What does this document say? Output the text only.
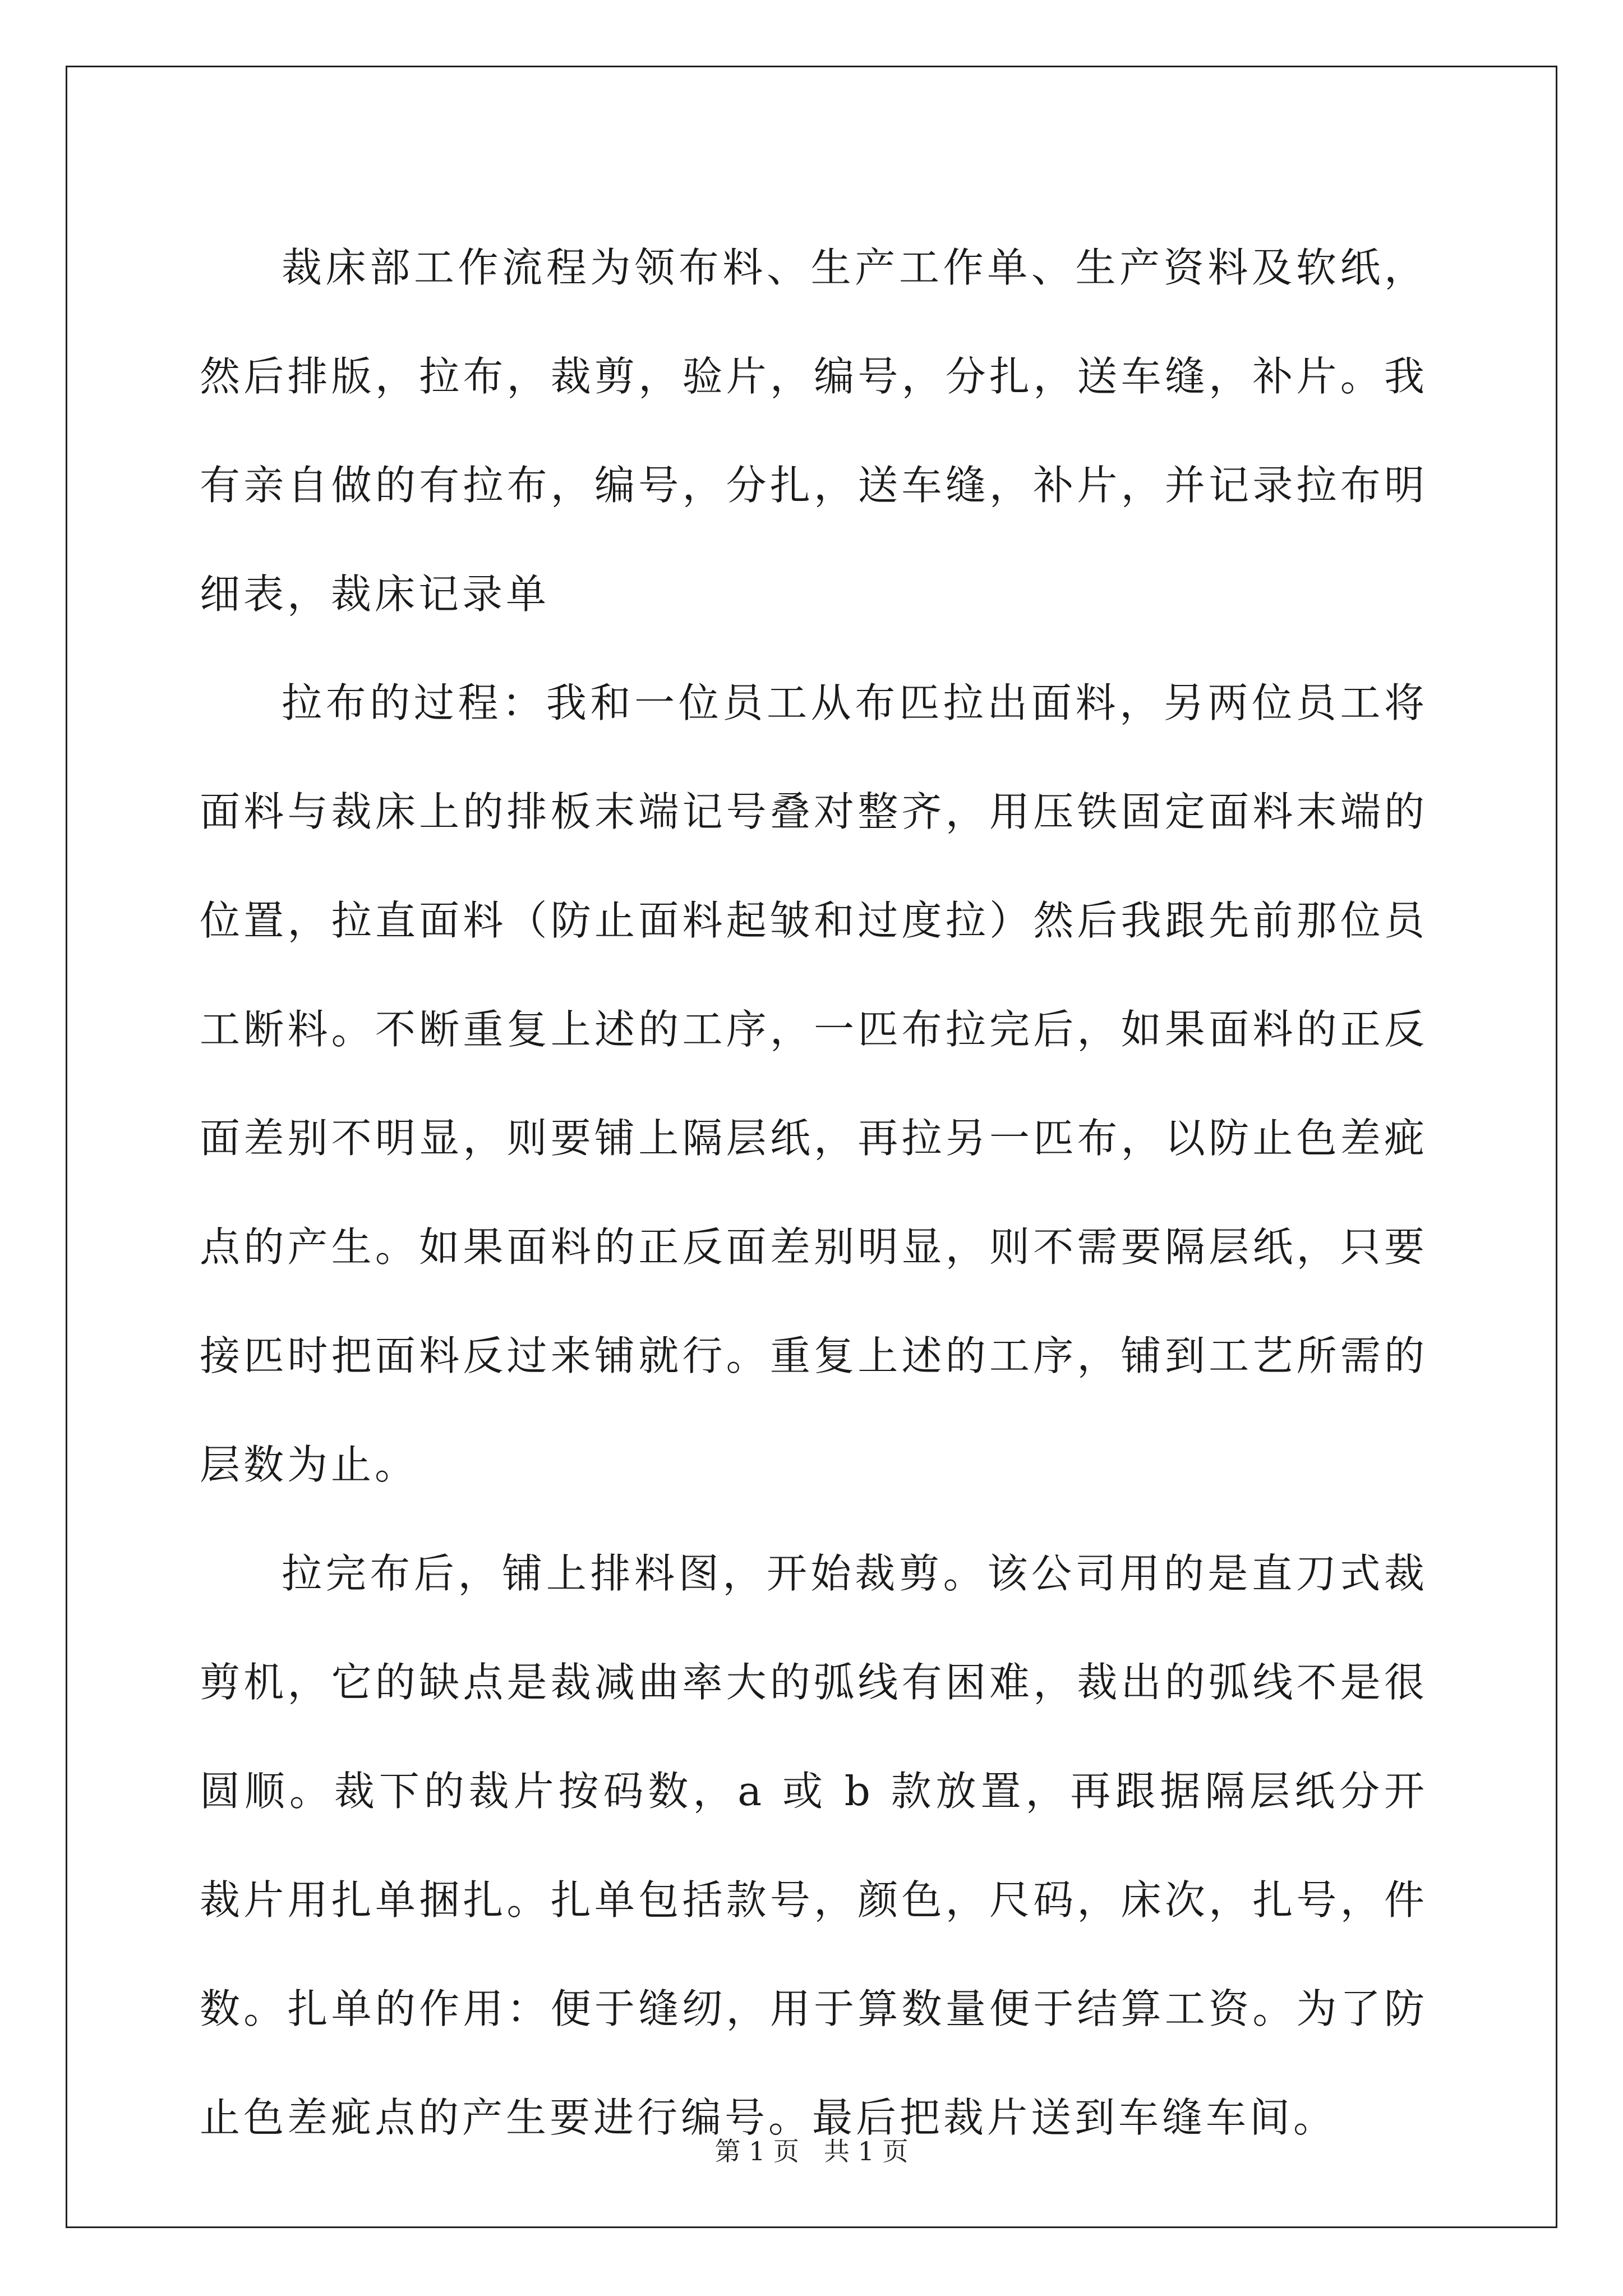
裁床部工作流程为领布料、生产工作单、生产资料及软纸，然后排版，拉布，裁剪，验片，编号，分扎，送车缝，补片。我有亲自做的有拉布，编号，分扎，送车缝，补片，并记录拉布明细表，裁床记录单

拉布的过程：我和一位员工从布匹拉出面料，另两位员工将面料与裁床上的排板末端记号叠对整齐，用压铁固定面料末端的位置，拉直面料（防止面料起皱和过度拉）然后我跟先前那位员工断料。不断重复上述的工序，一匹布拉完后，如果面料的正反面差别不明显，则要铺上隔层纸，再拉另一匹布，以防止色差疵点的产生。如果面料的正反面差别明显，则不需要隔层纸，只要接匹时把面料反过来铺就行。重复上述的工序，铺到工艺所需的层数为止。

拉完布后，铺上排料图，开始裁剪。该公司用的是直刀式裁剪机，它的缺点是裁减曲率大的弧线有困难，裁出的弧线不是很圆顺。裁下的裁片按码数，a 或 b 款放置，再跟据隔层纸分开裁片用扎单捆扎。扎单包括款号，颜色，尺码，床次，扎号，件数。扎单的作用：便于缝纫，用于算数量便于结算工资。为了防止色差疵点的产生要进行编号。最后把裁片送到车缝车间。

第 1 页 共 1 页
